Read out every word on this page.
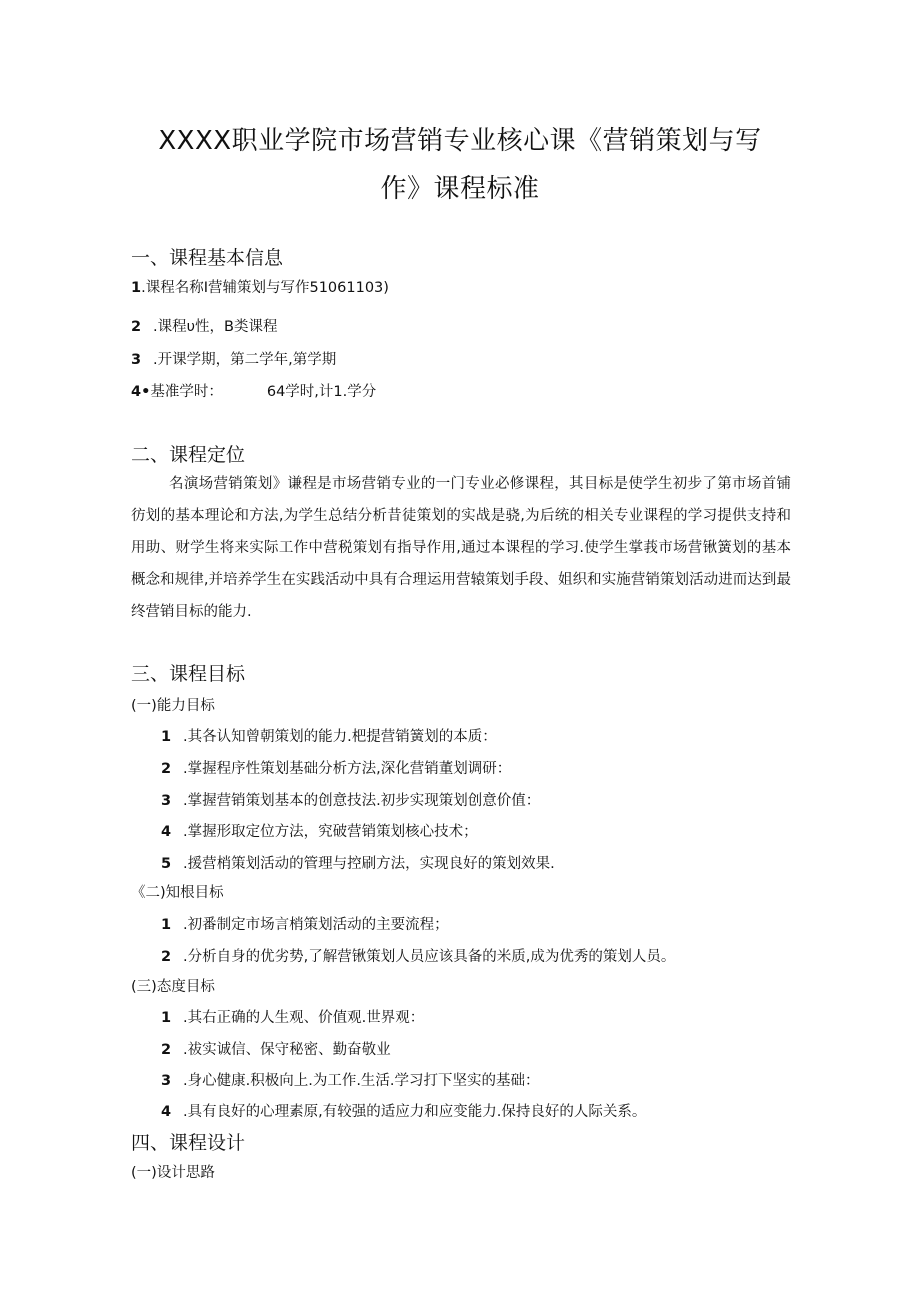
XXXX职业学院市场营销专业核心课《营销策划与写
作》课程标准
一、课程基本信息
1.课程名称I营辅策划与写作51061103)
2 .课程υ性，B类课程
3 .开课学期，第二学年,第学期
4•基准学时：	64学时,计1.学分
二、课程定位

名演场营销策划》谦程是市场营销专业的一门专业必修课程，其目标是使学生初步了第市场首铺彷划的基本理论和方法,为学生总结分析昔徒策划的实战是骁,为后统的相关专业课程的学习提供支持和用助、财学生将来实际工作中营税策划有指导作用,通过本课程的学习.使学生掌莪市场营锹簧划的基本概念和规律,并培养学生在实践活动中具有合理运用营辕策划手段、姐织和实施营销策划活动进而达到最终营销目标的能力.

三、课程目标
(一)能力目标
1 .其各认知曾朝策划的能力.杷提营销簧划的本质：
2 .掌握程序性策划基础分析方法,深化营销董划调研：
3 .掌握营销策划基本的创意技法.初步实现策划创意价值：
4 .掌握形取定位方法，究破营销策划核心技术；
5 .援营梢策划活动的管理与控刷方法，实现良好的策划效果.
《二)知根目标
1 .初番制定市场言梢策划活动的主要流程；
2 .分析自身的优劣势,了解营锹策划人员应该具备的米质,成为优秀的策划人员。
(三)态度目标
1 .其右正确的人生观、价值观.世界观：
2 .祓实诚信、保守秘密、勤奋敬业
3 .身心健康.积极向上.为工作.生活.学习打下坚实的基础：
4 .具有良好的心理素原,有较强的适应力和应变能力.保持良好的人际关系。
四、课程设计
(一)设计思路
